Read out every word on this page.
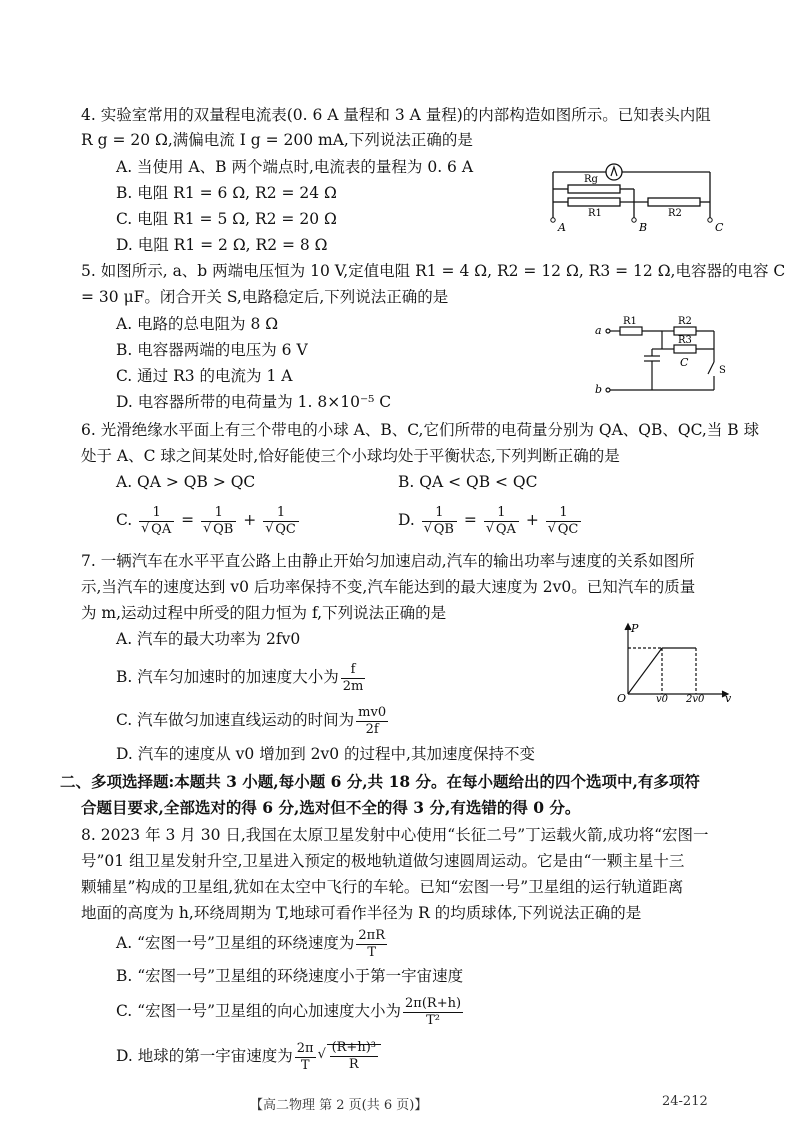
4. 实验室常用的双量程电流表(0. 6 A 量程和 3 A 量程)的内部构造如图所示。已知表头内阻
R g = 20 Ω,满偏电流 I g = 200 mA,下列说法正确的是
A. 当使用 A、B 两个端点时,电流表的量程为 0. 6 A
B. 电阻 R1 = 6 Ω, R2 = 24 Ω
C. 电阻 R1 = 5 Ω, R2 = 20 Ω
D. 电阻 R1 = 2 Ω, R2 = 8 Ω
Rg
R1	R2
A	B	C
5. 如图所示, a、b 两端电压恒为 10 V,定值电阻 R1 = 4 Ω, R2 = 12 Ω, R3 = 12 Ω,电容器的电容 C
= 30 μF。闭合开关 S,电路稳定后,下列说法正确的是
A. 电路的总电阻为 8 Ω
B. 电容器两端的电压为 6 V
C. 通过 R3 的电流为 1 A
D. 电容器所带的电荷量为 1. 8×10⁻⁵ C
a
b
R1	R2
R3
C
S
6. 光滑绝缘水平面上有三个带电的小球 A、B、C,它们所带的电荷量分别为 QA、QB、QC,当 B 球
处于 A、C 球之间某处时,恰好能使三个小球均处于平衡状态,下列判断正确的是
A. QA > QB > QC	B. QA < QB < QC
C. 1
√ QA = 1
√ QB + 1
√ QC	D. 1
√ QB = 1
√ QA + 1
√ QC
7. 一辆汽车在水平平直公路上由静止开始匀加速启动,汽车的输出功率与速度的关系如图所
示,当汽车的速度达到 v0 后功率保持不变,汽车能达到的最大速度为 2v0。已知汽车的质量
为 m,运动过程中所受的阻力恒为 f,下列说法正确的是
A. 汽车的最大功率为 2fv0
B. 汽车匀加速时的加速度大小为 $\frac{f}{2m}$
C. 汽车做匀加速直线运动的时间为 $\frac{mv0}{2f}$
D. 汽车的速度从 v0 增加到 2v0 的过程中,其加速度保持不变
P
O	v0 2v0 v
二、多项选择题:本题共 3 小题,每小题 6 分,共 18 分。在每小题给出的四个选项中,有多项符
合题目要求,全部选对的得 6 分,选对但不全的得 3 分,有选错的得 0 分。
8. 2023 年 3 月 30 日,我国在太原卫星发射中心使用“长征二号”丁运载火箭,成功将“宏图一
号”01 组卫星发射升空,卫星进入预定的极地轨道做匀速圆周运动。它是由“一颗主星十三
颗辅星”构成的卫星组,犹如在太空中飞行的车轮。已知“宏图一号”卫星组的运行轨道距离
地面的高度为 h,环绕周期为 T,地球可看作半径为 R 的均质球体,下列说法正确的是
A. “宏图一号”卫星组的环绕速度为 $\frac{2\pi R}{T}$
B. “宏图一号”卫星组的环绕速度小于第一宇宙速度
C. “宏图一号”卫星组的向心加速度大小为 $\frac{2\pi(R+h)}{\text{T²}}$
D. 地球的第一宇宙速度为 $\frac{2\pi}{T}$
√ $\frac{\text{(R+h)³}}{R}$
【高二物理 第 2 页(共 6 页)】	24-212
